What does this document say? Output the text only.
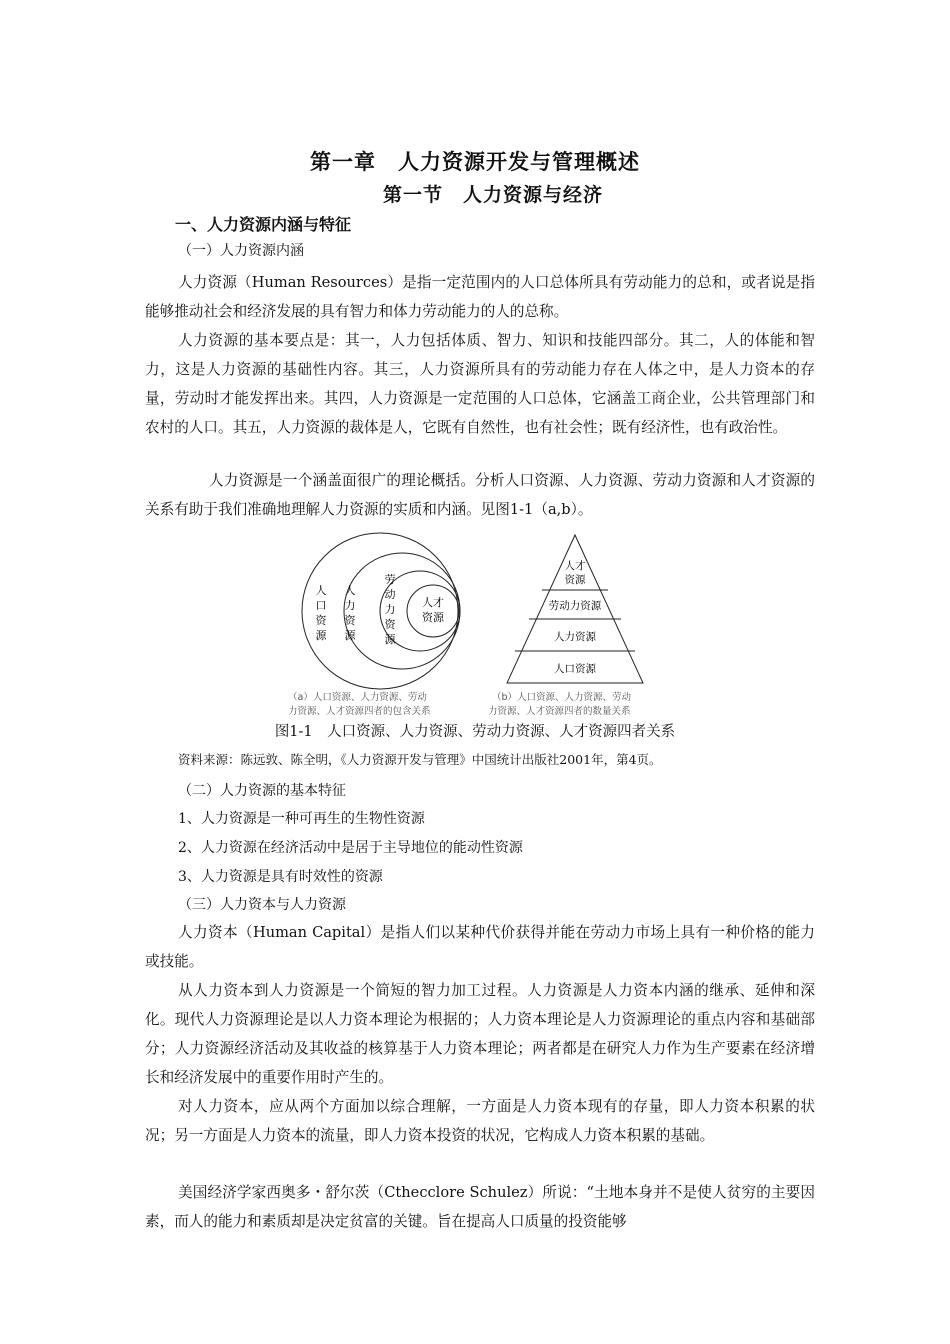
第一章　人力资源开发与管理概述
第一节　人力资源与经济
一、人力资源内涵与特征
（一）人力资源内涵

人力资源（Human Resources）是指一定范围内的人口总体所具有劳动能力的总和，或者说是指能够推动社会和经济发展的具有智力和体力劳动能力的人的总称。

人力资源的基本要点是：其一，人力包括体质、智力、知识和技能四部分。其二，人的体能和智力，这是人力资源的基础性内容。其三，人力资源所具有的劳动能力存在人体之中，是人力资本的存量，劳动时才能发挥出来。其四，人力资源是一定范围的人口总体，它涵盖工商企业，公共管理部门和农村的人口。其五，人力资源的裁体是人，它既有自然性，也有社会性；既有经济性，也有政治性。

人力资源是一个涵盖面很广的理论概括。分析人口资源、人力资源、劳动力资源和人才资源的关系有助于我们准确地理解人力资源的实质和内涵。见图1-1（a,b）。

人
口
资
源
人
力
资
源
劳
动
力
资
源
人才
资源
（a）人口资源、人力资源、劳动
力资源、人才资源四者的包含关系
人才
资源
劳动力资源
人力资源
人口资源
（b）人口资源、人力资源、劳动
力资源、人才资源四者的数量关系
图1-1　人口资源、人力资源、劳动力资源、人才资源四者关系
资料来源：陈远敦、陈全明，《人力资源开发与管理》中国统计出版社2001年，第4页。
（二）人力资源的基本特征
1、人力资源是一种可再生的生物性资源
2、人力资源在经济活动中是居于主导地位的能动性资源
3、人力资源是具有时效性的资源
（三）人力资本与人力资源

人力资本（Human Capital）是指人们以某种代价获得并能在劳动力市场上具有一种价格的能力或技能。

从人力资本到人力资源是一个简短的智力加工过程。人力资源是人力资本内涵的继承、延伸和深化。现代人力资源理论是以人力资本理论为根据的；人力资本理论是人力资源理论的重点内容和基础部分；人力资源经济活动及其收益的核算基于人力资本理论；两者都是在研究人力作为生产要素在经济增长和经济发展中的重要作用时产生的。

对人力资本，应从两个方面加以综合理解，一方面是人力资本现有的存量，即人力资本积累的状况；另一方面是人力资本的流量，即人力资本投资的状况，它构成人力资本积累的基础。

美国经济学家西奥多・舒尔茨（Cthecclore Schulez）所说：“土地本身并不是使人贫穷的主要因素，而人的能力和素质却是决定贫富的关键。旨在提高人口质量的投资能够
